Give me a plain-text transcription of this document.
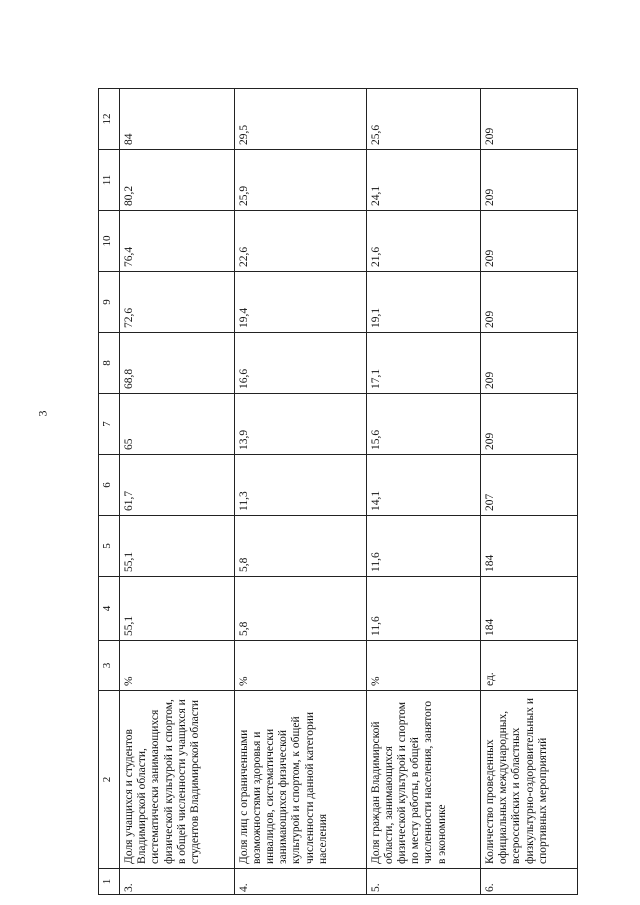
3
1	2	3	4	5	6	7	8	9	10	11	12
3.	Доля учащихся и студентов Владимирской области, систематически занимающихся физической культурой и спортом, в общей численности учащихся и студентов Владимирской области	%	55,1	55,1	61,7	65	68,8	72,6	76,4	80,2	84
4.	Доля лиц с ограниченными возможностями здоровья и инвалидов, систематически занимающихся физической культурой и спортом, к общей численности данной категории населения	%	5,8	5,8	11,3	13,9	16,6	19,4	22,6	25,9	29,5
5.	Доля граждан Владимирской области, занимающихся физической культурой и спортом по месту работы, в общей численности населения, занятого в экономике	%	11,6	11,6	14,1	15,6	17,1	19,1	21,6	24,1	25,6
6.	Количество проведенных официальных международных, всероссийских и областных физкультурно-оздоровительных и спортивных мероприятий	ед.	184	184	207	209	209	209	209	209	209
